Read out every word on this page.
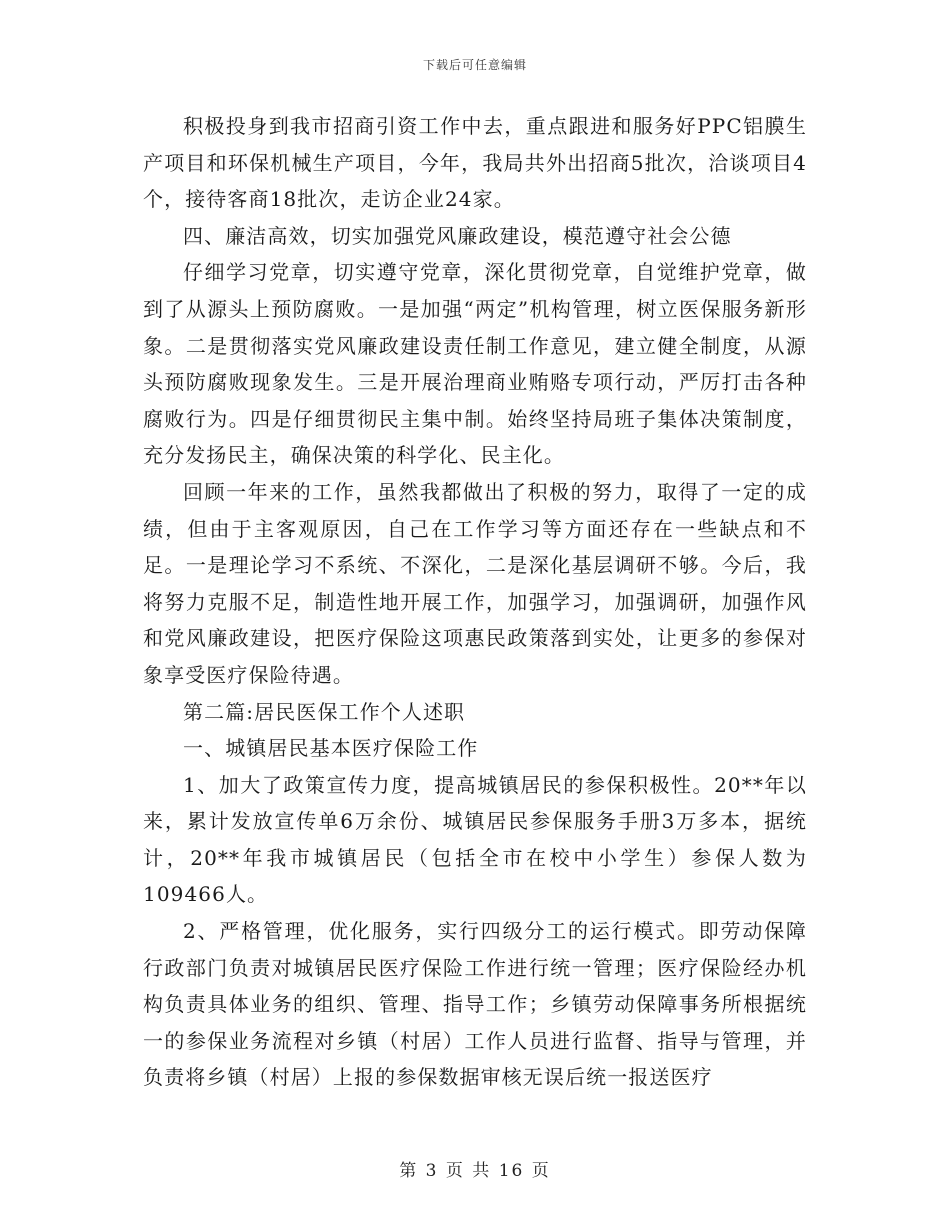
下载后可任意编辑

积极投身到我市招商引资工作中去，重点跟进和服务好PPC铝膜生产项目和环保机械生产项目，今年，我局共外出招商5批次，洽谈项目4个，接待客商18批次，走访企业24家。

四、廉洁高效，切实加强党风廉政建设，模范遵守社会公德

仔细学习党章，切实遵守党章，深化贯彻党章，自觉维护党章，做到了从源头上预防腐败。一是加强“两定”机构管理，树立医保服务新形象。二是贯彻落实党风廉政建设责任制工作意见，建立健全制度，从源头预防腐败现象发生。三是开展治理商业贿赂专项行动，严厉打击各种腐败行为。四是仔细贯彻民主集中制。始终坚持局班子集体决策制度，充分发扬民主，确保决策的科学化、民主化。

回顾一年来的工作，虽然我都做出了积极的努力，取得了一定的成绩，但由于主客观原因，自己在工作学习等方面还存在一些缺点和不足。一是理论学习不系统、不深化，二是深化基层调研不够。今后，我将努力克服不足，制造性地开展工作，加强学习，加强调研，加强作风和党风廉政建设，把医疗保险这项惠民政策落到实处，让更多的参保对象享受医疗保险待遇。

第二篇:居民医保工作个人述职

一、城镇居民基本医疗保险工作

1、加大了政策宣传力度，提高城镇居民的参保积极性。20**年以来，累计发放宣传单6万余份、城镇居民参保服务手册3万多本，据统计，20**年我市城镇居民（包括全市在校中小学生）参保人数为109466人。

2、严格管理，优化服务，实行四级分工的运行模式。即劳动保障行政部门负责对城镇居民医疗保险工作进行统一管理；医疗保险经办机构负责具体业务的组织、管理、指导工作；乡镇劳动保障事务所根据统一的参保业务流程对乡镇（村居）工作人员进行监督、指导与管理，并负责将乡镇（村居）上报的参保数据审核无误后统一报送医疗

第 3 页 共 16 页
